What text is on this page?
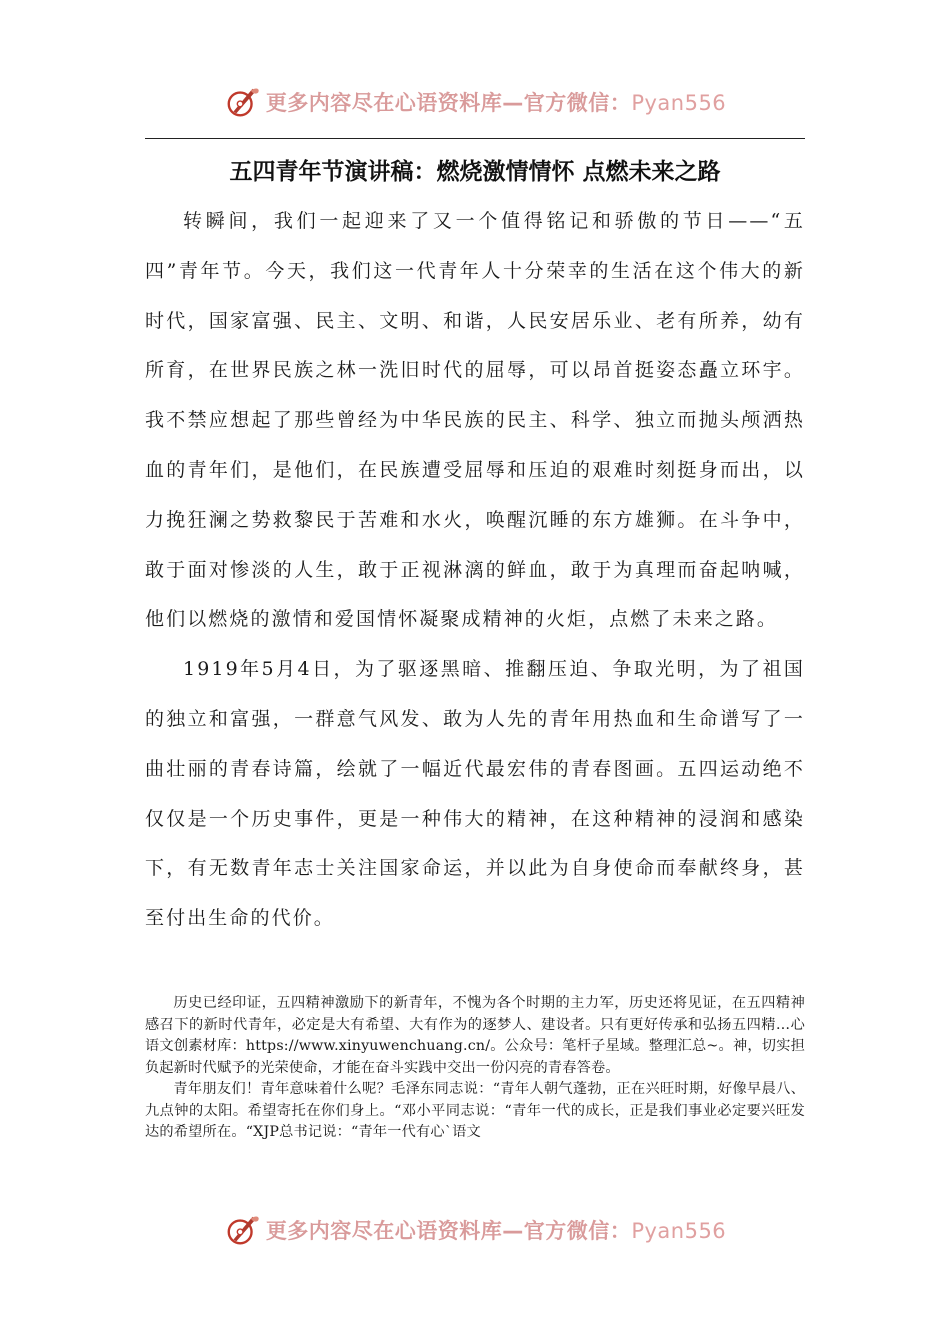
更多内容尽在心语资料库—官方微信：Pyan556
五四青年节演讲稿：燃烧激情情怀 点燃未来之路

转瞬间，我们一起迎来了又一个值得铭记和骄傲的节日——“五四”青年节。今天，我们这一代青年人十分荣幸的生活在这个伟大的新时代，国家富强、民主、文明、和谐，人民安居乐业、老有所养，幼有所育，在世界民族之林一洗旧时代的屈辱，可以昂首挺姿态矗立环宇。我不禁应想起了那些曾经为中华民族的民主、科学、独立而抛头颅洒热血的青年们，是他们，在民族遭受屈辱和压迫的艰难时刻挺身而出，以力挽狂澜之势救黎民于苦难和水火，唤醒沉睡的东方雄狮。在斗争中，敢于面对惨淡的人生，敢于正视淋漓的鲜血，敢于为真理而奋起呐喊，他们以燃烧的激情和爱国情怀凝聚成精神的火炬，点燃了未来之路。

1919年5月4日，为了驱逐黑暗、推翻压迫、争取光明，为了祖国的独立和富强，一群意气风发、敢为人先的青年用热血和生命谱写了一曲壮丽的青春诗篇，绘就了一幅近代最宏伟的青春图画。五四运动绝不仅仅是一个历史事件，更是一种伟大的精神，在这种精神的浸润和感染下，有无数青年志士关注国家命运，并以此为自身使命而奉献终身，甚至付出生命的代价。

历史已经印证，五四精神激励下的新青年，不愧为各个时期的主力军，历史还将见证，在五四精神感召下的新时代青年，必定是大有希望、大有作为的逐梦人、建设者。只有更好传承和弘扬五四精…心语文创素材库：https://www.xinyuwenchuang.cn/。公众号：笔杆子星域。整理汇总~。神，切实担负起新时代赋予的光荣使命，才能在奋斗实践中交出一份闪亮的青春答卷。

青年朋友们！青年意味着什么呢？毛泽东同志说：“青年人朝气蓬勃，正在兴旺时期，好像早晨八、九点钟的太阳。希望寄托在你们身上。“邓小平同志说：“青年一代的成长，正是我们事业必定要兴旺发达的希望所在。“XJP总书记说：“青年一代有心`语文

更多内容尽在心语资料库—官方微信：Pyan556
